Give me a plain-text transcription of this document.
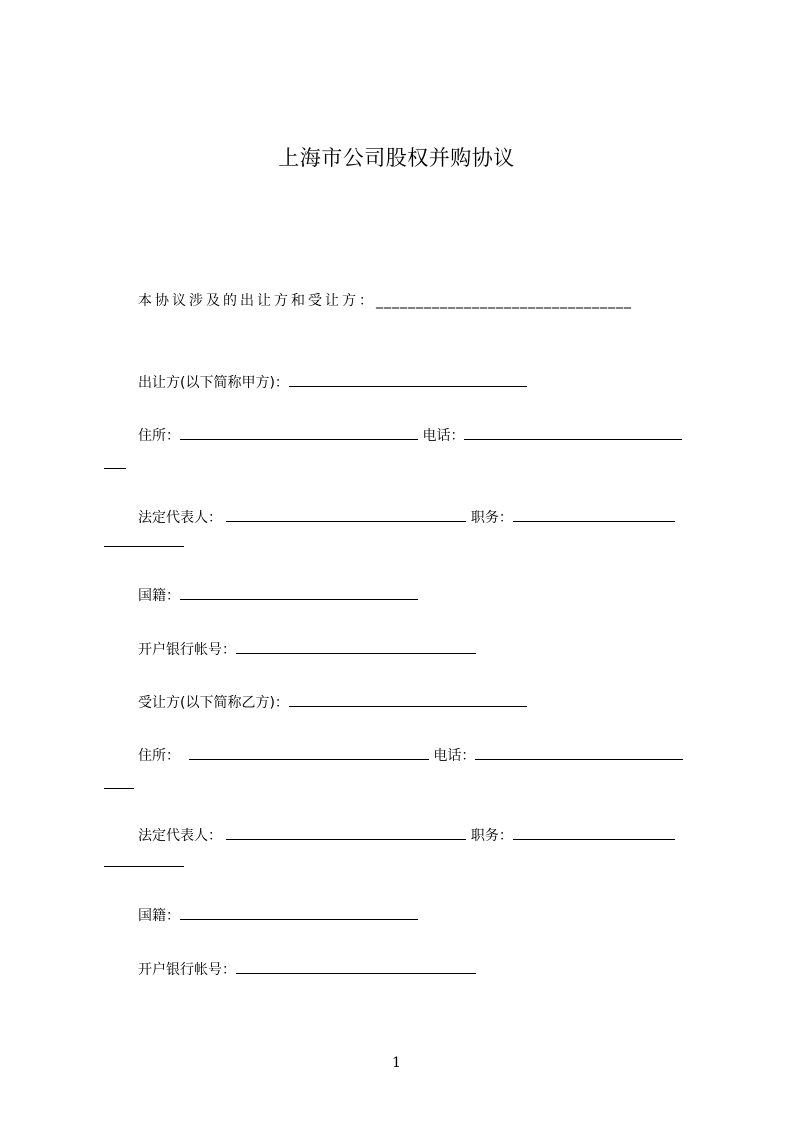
上海市公司股权并购协议
本协议涉及的出让方和受让方：________________________________
出让方(以下简称甲方)：
住所：	电话：
法定代表人：	职务：
国籍：
开户银行帐号：
受让方(以下简称乙方)：
住所：	电话：
法定代表人：	职务：
国籍：
开户银行帐号：
1
